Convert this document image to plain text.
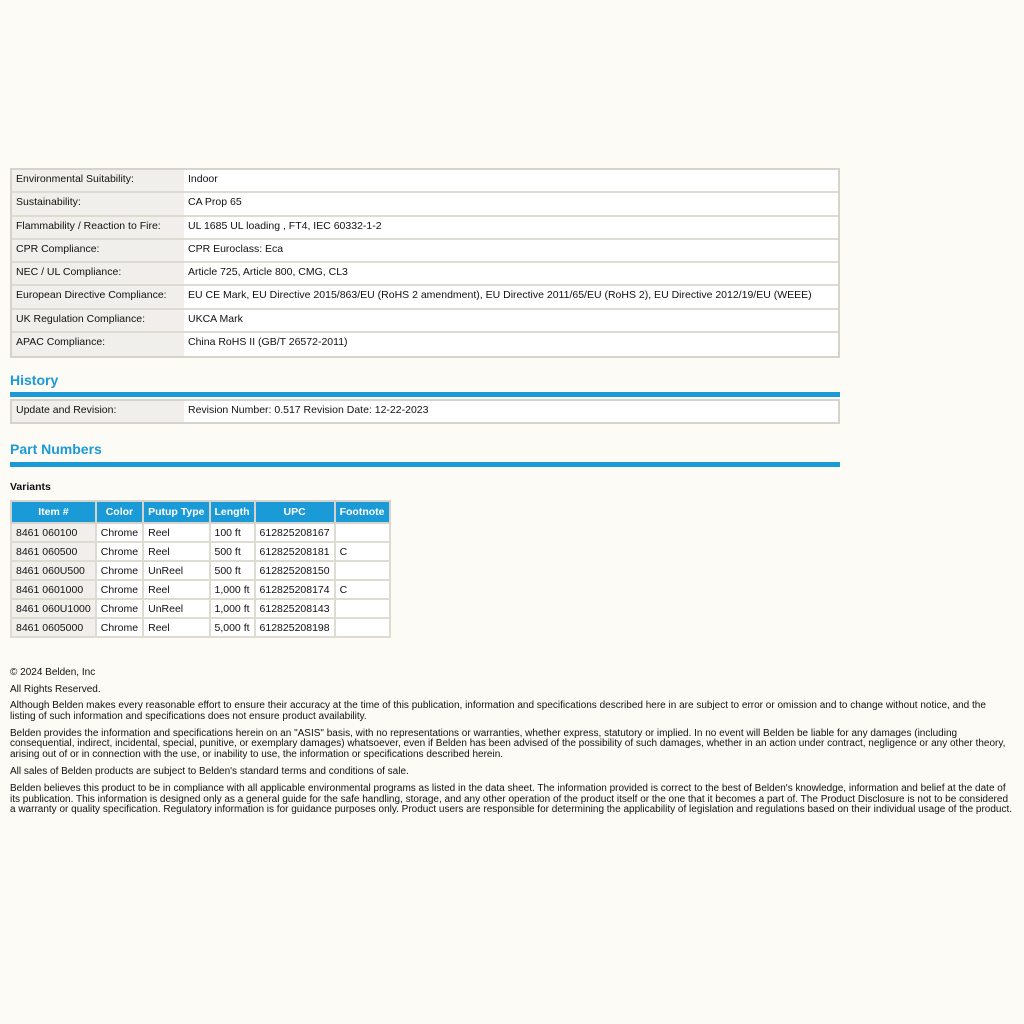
Environmental Suitability:	Indoor
Sustainability:	CA Prop 65
Flammability / Reaction to Fire:	UL 1685 UL loading , FT4, IEC 60332-1-2
CPR Compliance:	CPR Euroclass: Eca
NEC / UL Compliance:	Article 725, Article 800, CMG, CL3
European Directive Compliance:	EU CE Mark, EU Directive 2015/863/EU (RoHS 2 amendment), EU Directive 2011/65/EU (RoHS 2), EU Directive 2012/19/EU (WEEE)
UK Regulation Compliance:	UKCA Mark
APAC Compliance:	China RoHS II (GB/T 26572-2011)
History
Update and Revision:	Revision Number: 0.517 Revision Date: 12-22-2023
Part Numbers
Variants
Item #	Color	Putup Type	Length	UPC	Footnote
8461 060100	Chrome	Reel	100 ft	612825208167	
8461 060500	Chrome	Reel	500 ft	612825208181	C
8461 060U500	Chrome	UnReel	500 ft	612825208150	
8461 0601000	Chrome	Reel	1,000 ft	612825208174	C
8461 060U1000	Chrome	UnReel	1,000 ft	612825208143	
8461 0605000	Chrome	Reel	5,000 ft	612825208198	

© 2024 Belden, Inc

All Rights Reserved.

Although Belden makes every reasonable effort to ensure their accuracy at the time of this publication, information and specifications described here in are subject to error or omission and to change without notice, and the listing of such information and specifications does not ensure product availability.

Belden provides the information and specifications herein on an "ASIS" basis, with no representations or warranties, whether express, statutory or implied. In no event will Belden be liable for any damages (including consequential, indirect, incidental, special, punitive, or exemplary damages) whatsoever, even if Belden has been advised of the possibility of such damages, whether in an action under contract, negligence or any other theory, arising out of or in connection with the use, or inability to use, the information or specifications described herein.

All sales of Belden products are subject to Belden's standard terms and conditions of sale.

Belden believes this product to be in compliance with all applicable environmental programs as listed in the data sheet. The information provided is correct to the best of Belden's knowledge, information and belief at the date of its publication. This information is designed only as a general guide for the safe handling, storage, and any other operation of the product itself or the one that it becomes a part of. The Product Disclosure is not to be considered a warranty or quality specification. Regulatory information is for guidance purposes only. Product users are responsible for determining the applicability of legislation and regulations based on their individual usage of the product.
